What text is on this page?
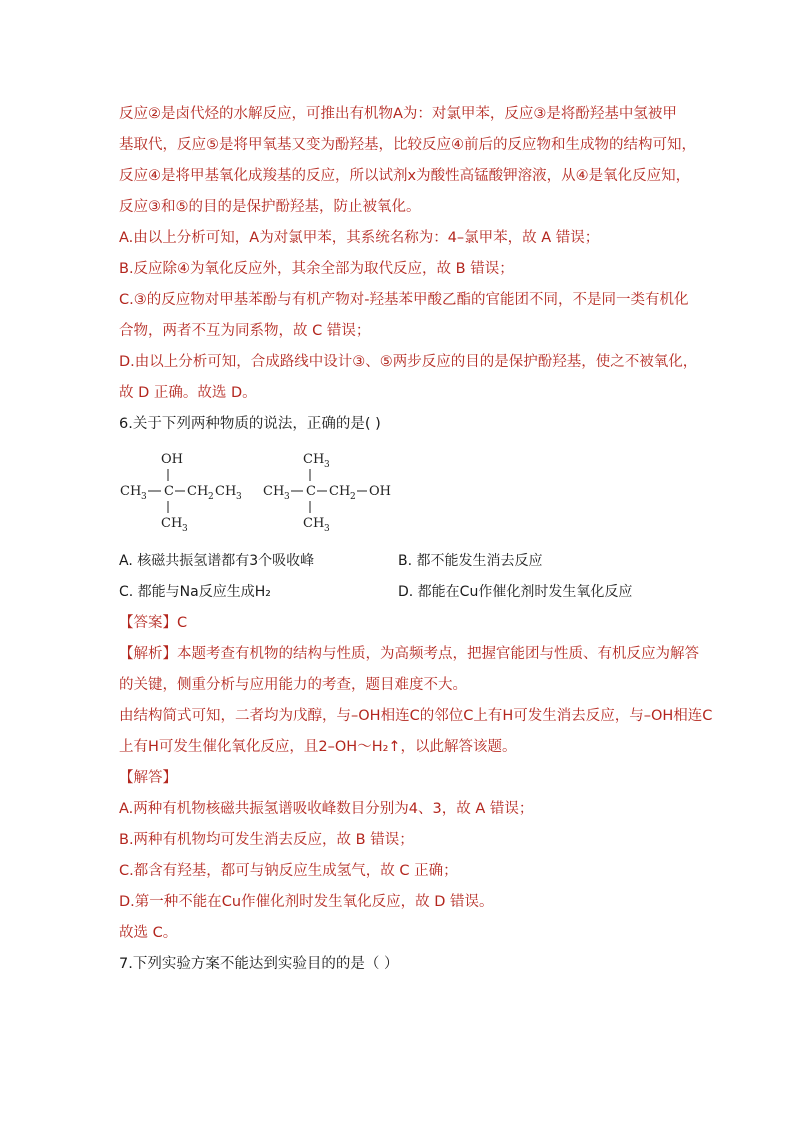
反应②是卤代烃的水解反应，可推出有机物A为：对氯甲苯，反应③是将酚羟基中氢被甲
基取代，反应⑤是将甲氧基又变为酚羟基，比较反应④前后的反应物和生成物的结构可知，
反应④是将甲基氧化成羧基的反应，所以试剂x为酸性高锰酸钾溶液，从④是氧化反应知，
反应③和⑤的目的是保护酚羟基，防止被氧化。
A.由以上分析可知，A为对氯甲苯，其系统名称为：4–氯甲苯，故 A 错误；
B.反应除④为氧化反应外，其余全部为取代反应，故 B 错误；
C.③的反应物对甲基苯酚与有机产物对-羟基苯甲酸乙酯的官能团不同，不是同一类有机化
合物，两者不互为同系物，故 C 错误；
D.由以上分析可知，合成路线中设计③、⑤两步反应的目的是保护酚羟基，使之不被氧化，
故 D 正确。故选 D。
6.关于下列两种物质的说法，正确的是( )
OH
CH 3 C CH 2 CH 3
CH 3
CH 3
CH 3 C CH 2 OH
CH 3
A. 核磁共振氢谱都有3个吸收峰	B. 都不能发生消去反应
C. 都能与Na反应生成H₂	D. 都能在Cu作催化剂时发生氧化反应
【答案】C
【解析】本题考查有机物的结构与性质，为高频考点，把握官能团与性质、有机反应为解答
的关键，侧重分析与应用能力的考查，题目难度不大。
由结构简式可知，二者均为戊醇，与–OH相连C的邻位C上有H可发生消去反应，与–OH相连C
上有H可发生催化氧化反应，且2–OH～H₂↑，以此解答该题。
【解答】
A.两种有机物核磁共振氢谱吸收峰数目分别为4、3，故 A 错误；
B.两种有机物均可发生消去反应，故 B 错误；
C.都含有羟基，都可与钠反应生成氢气，故 C 正确；
D.第一种不能在Cu作催化剂时发生氧化反应，故 D 错误。
故选 C。
7.下列实验方案不能达到实验目的的是（ ）
